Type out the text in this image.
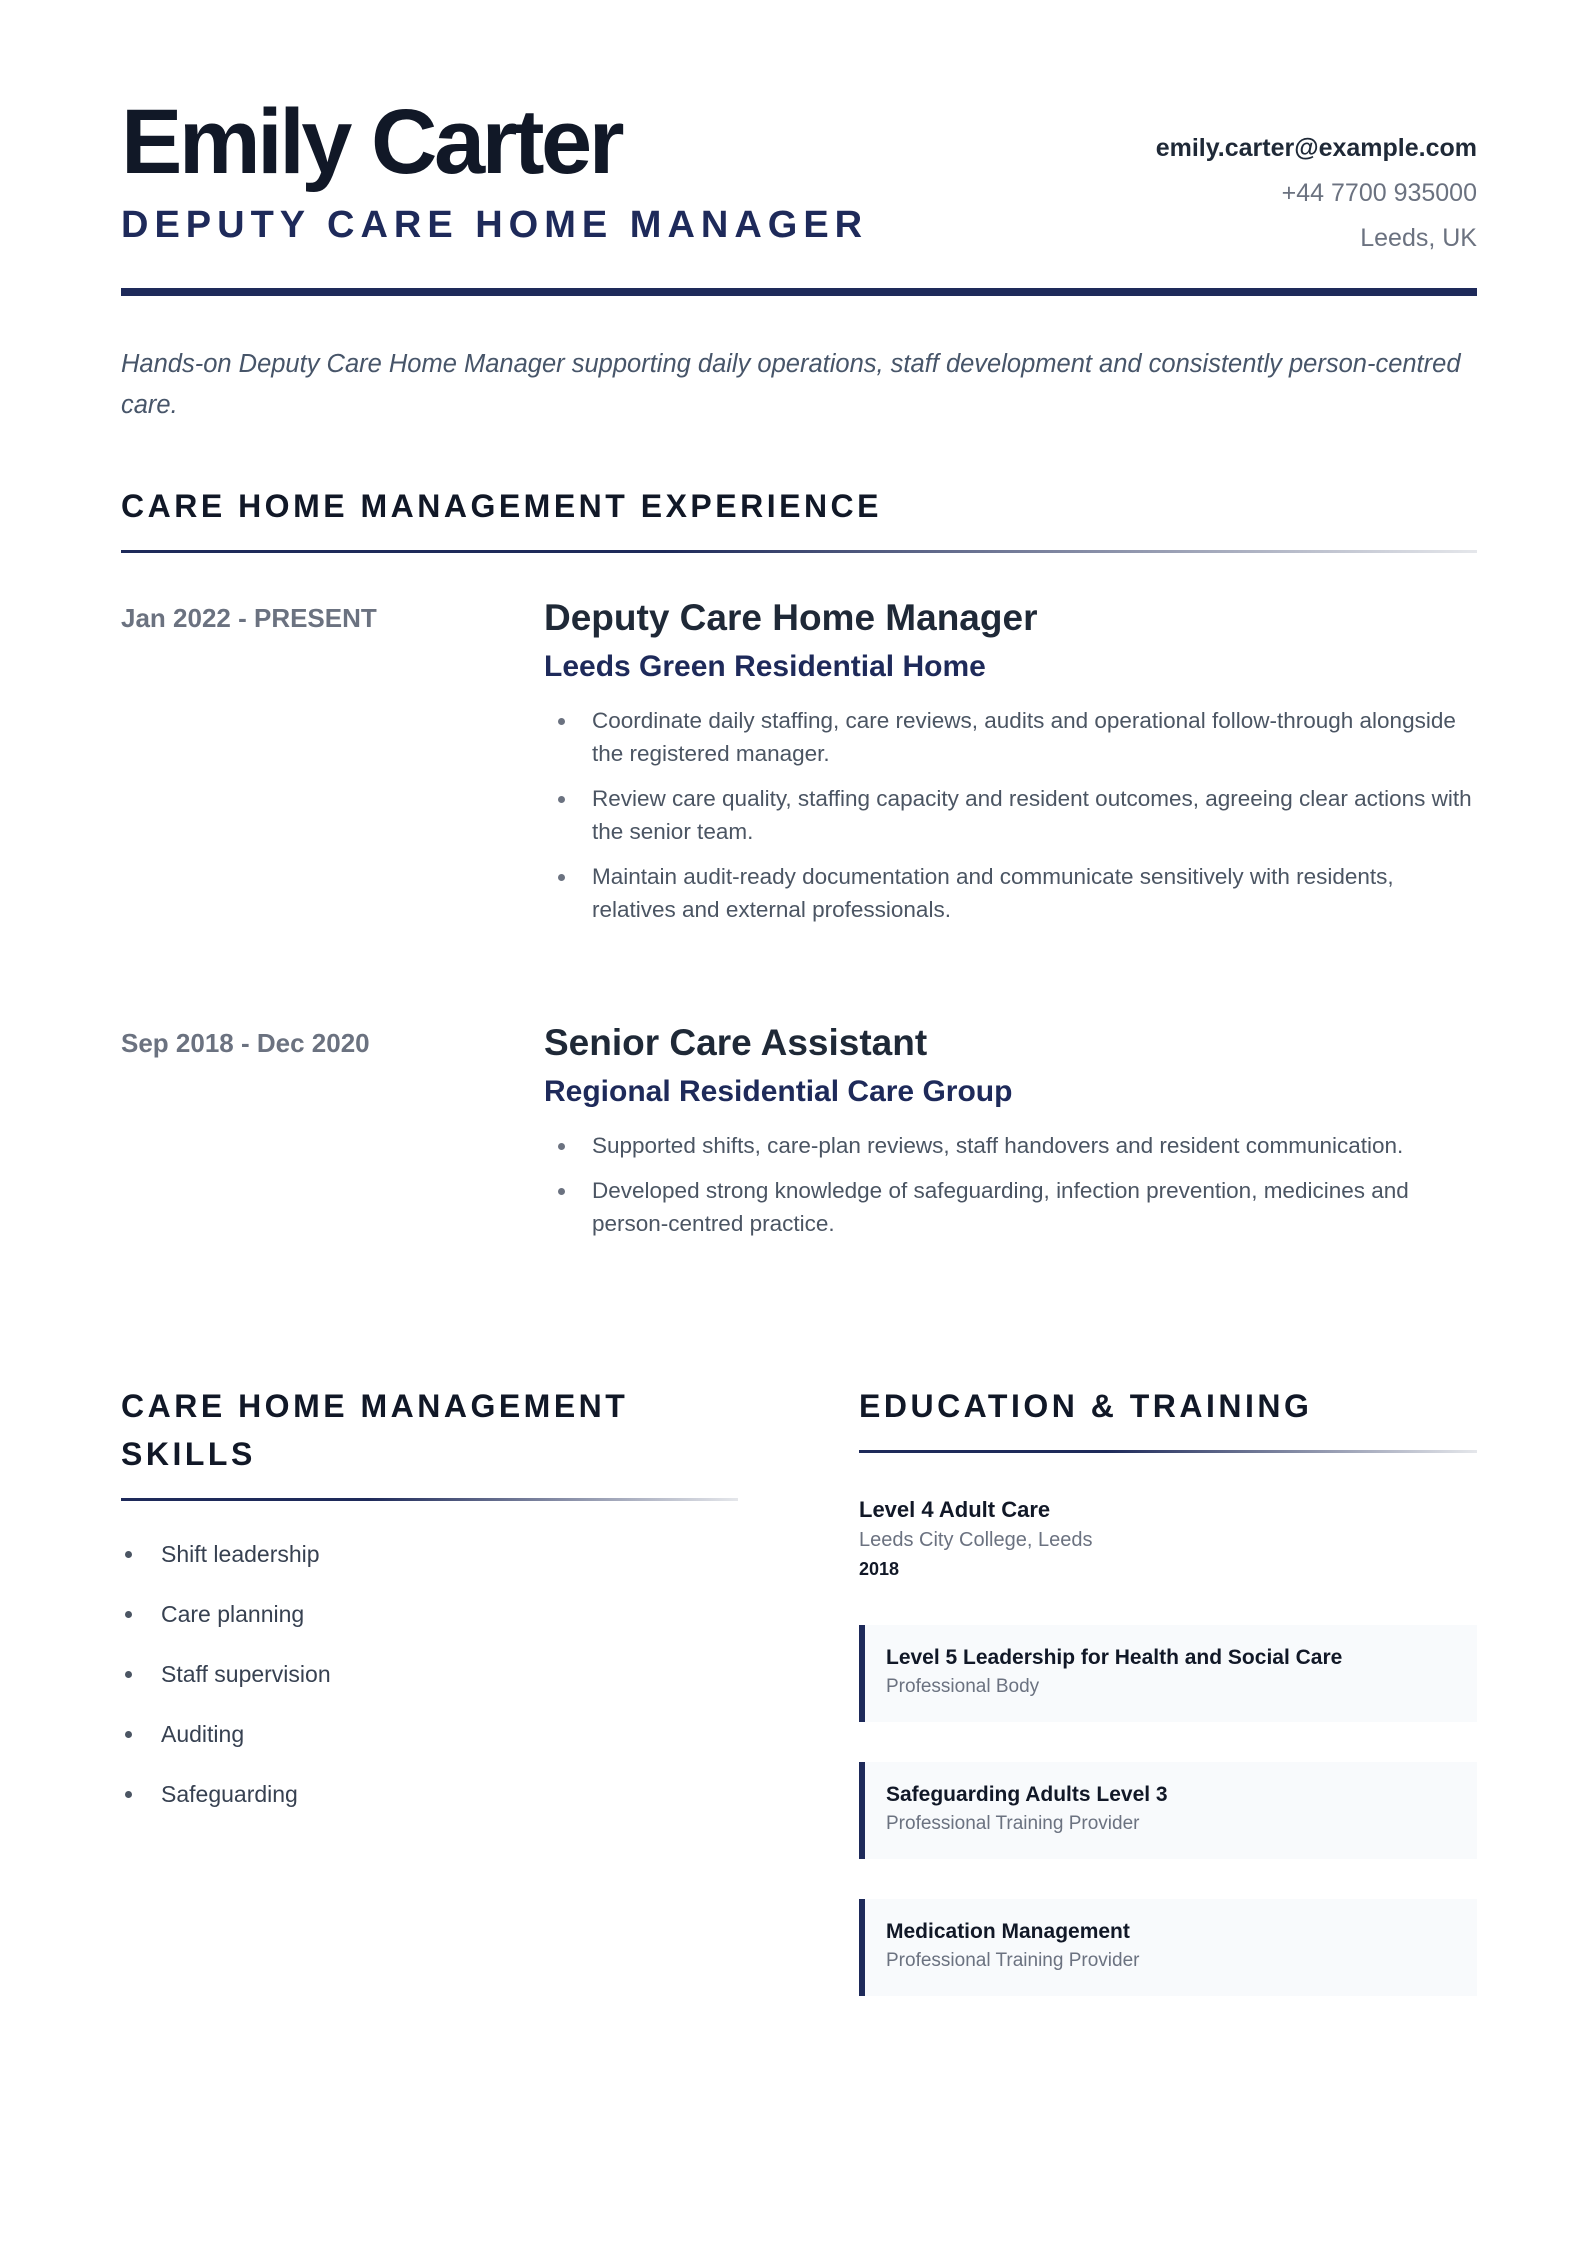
Emily Carter
DEPUTY CARE HOME MANAGER
emily.carter@example.com
+44 7700 935000
Leeds, UK
Hands-on Deputy Care Home Manager supporting daily operations, staff development and consistently person-centred care.
CARE HOME MANAGEMENT EXPERIENCE
Jan 2022 - PRESENT	Deputy Care Home Manager
Leeds Green Residential Home
Coordinate daily staffing, care reviews, audits and operational follow-through alongside the registered manager.
Review care quality, staffing capacity and resident outcomes, agreeing clear actions with the senior team.
Maintain audit-ready documentation and communicate sensitively with residents, relatives and external professionals.
Sep 2018 - Dec 2020	Senior Care Assistant
Regional Residential Care Group
Supported shifts, care-plan reviews, staff handovers and resident communication.
Developed strong knowledge of safeguarding, infection prevention, medicines and person-centred practice.
CARE HOME MANAGEMENT SKILLS
Shift leadership
Care planning
Staff supervision
Auditing
Safeguarding
EDUCATION & TRAINING
Level 4 Adult Care
Leeds City College, Leeds
2018
Level 5 Leadership for Health and Social Care
Professional Body
Safeguarding Adults Level 3
Professional Training Provider
Medication Management
Professional Training Provider
